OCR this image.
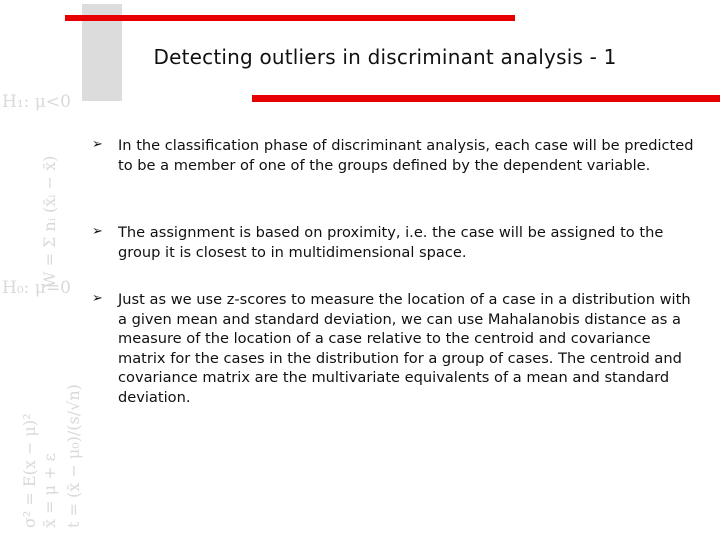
H₁: μ<0
W = Σ nᵢ (x̄ᵢ − x̄)
σ² = E(x − μ)² x̄ = μ + ε
H₀: μ=0
t = (x̄ − μ₀)/(s/√n)
Detecting outliers in discriminant analysis - 1
➢ In the classification phase of discriminant analysis, each case will be predicted to be a member of one of the groups defined by the dependent variable.
➢ The assignment is based on proximity, i.e. the case will be assigned to the group it is closest to in multidimensional space.
➢ Just as we use z-scores to measure the location of a case in a distribution with a given mean and standard deviation, we can use Mahalanobis distance as a measure of the location of a case relative to the centroid and covariance matrix for the cases in the distribution for a group of cases. The centroid and covariance matrix are the multivariate equivalents of a mean and standard deviation.
